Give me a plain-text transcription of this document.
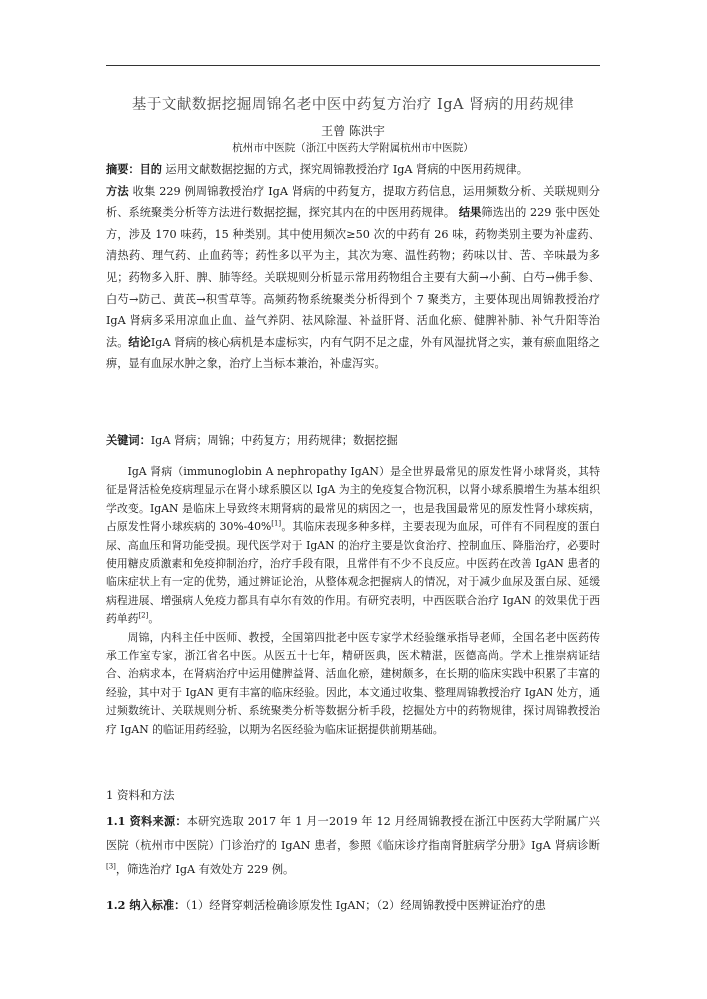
基于文献数据挖掘周锦名老中医中药复方治疗 IgA 肾病的用药规律
王曾 陈洪宇
杭州市中医院（浙江中医药大学附属杭州市中医院）
摘要：目的 运用文献数据挖掘的方式，探究周锦教授治疗 IgA 肾病的中医用药规律。
方法 收集 229 例周锦教授治疗 IgA 肾病的中药复方，提取方药信息，运用频数分析、关联规则分析、系统聚类分析等方法进行数据挖掘，探究其内在的中医用药规律。 结果筛选出的 229 张中医处方，涉及 170 味药，15 种类别。其中使用频次≥50 次的中药有 26 味，药物类别主要为补虚药、清热药、理气药、止血药等；药性多以平为主，其次为寒、温性药物；药味以甘、苦、辛味最为多见；药物多入肝、脾、肺等经。关联规则分析显示常用药物组合主要有大蓟→小蓟、白芍→佛手参、白芍→防己、黄芪→积雪草等。高频药物系统聚类分析得到个 7 聚类方，主要体现出周锦教授治疗 IgA 肾病多采用凉血止血、益气养阴、祛风除湿、补益肝肾、活血化瘀、健脾补肺、补气升阳等治法。结论IgA 肾病的核心病机是本虚标实，内有气阴不足之虚，外有风湿扰肾之实，兼有瘀血阻络之痹，显有血尿水肿之象，治疗上当标本兼治，补虚泻实。
关键词：IgA 肾病；周锦；中药复方；用药规律；数据挖掘

IgA 肾病（immunoglobin A nephropathy IgAN）是全世界最常见的原发性肾小球肾炎，其特征是肾活检免疫病理显示在肾小球系膜区以 IgA 为主的免疫复合物沉积，以肾小球系膜增生为基本组织学改变。IgAN 是临床上导致终末期肾病的最常见的病因之一，也是我国最常见的原发性肾小球疾病，占原发性肾小球疾病的 30%-40%[1]。其临床表现多种多样，主要表现为血尿，可伴有不同程度的蛋白尿、高血压和肾功能受损。现代医学对于 IgAN 的治疗主要是饮食治疗、控制血压、降脂治疗，必要时使用糖皮质激素和免疫抑制治疗，治疗手段有限，且常伴有不少不良反应。中医药在改善 IgAN 患者的临床症状上有一定的优势，通过辨证论治，从整体观念把握病人的情况，对于减少血尿及蛋白尿、延缓病程进展、增强病人免疫力都具有卓尔有效的作用。有研究表明，中西医联合治疗 IgAN 的效果优于西药单药[2]。

周锦，内科主任中医师、教授，全国第四批老中医专家学术经验继承指导老师，全国名老中医药传承工作室专家，浙江省名中医。从医五十七年，精研医典，医术精湛，医德高尚。学术上推崇病证结合、治病求本，在肾病治疗中运用健脾益肾、活血化瘀，建树颇多，在长期的临床实践中积累了丰富的经验，其中对于 IgAN 更有丰富的临床经验。因此，本文通过收集、整理周锦教授治疗 IgAN 处方，通过频数统计、关联规则分析、系统聚类分析等数据分析手段，挖掘处方中的药物规律，探讨周锦教授治疗 IgAN 的临证用药经验，以期为名医经验为临床证据提供前期基础。

1 资料和方法
1.1 资料来源：本研究选取 2017 年 1 月一2019 年 12 月经周锦教授在浙江中医药大学附属广兴医院（杭州市中医院）门诊治疗的 IgAN 患者，参照《临床诊疗指南肾脏病学分册》IgA 肾病诊断[3]，筛选治疗 IgA 有效处方 229 例。
1.2 纳入标准：（1）经肾穿刺活检确诊原发性 IgAN；（2）经周锦教授中医辨证治疗的患
